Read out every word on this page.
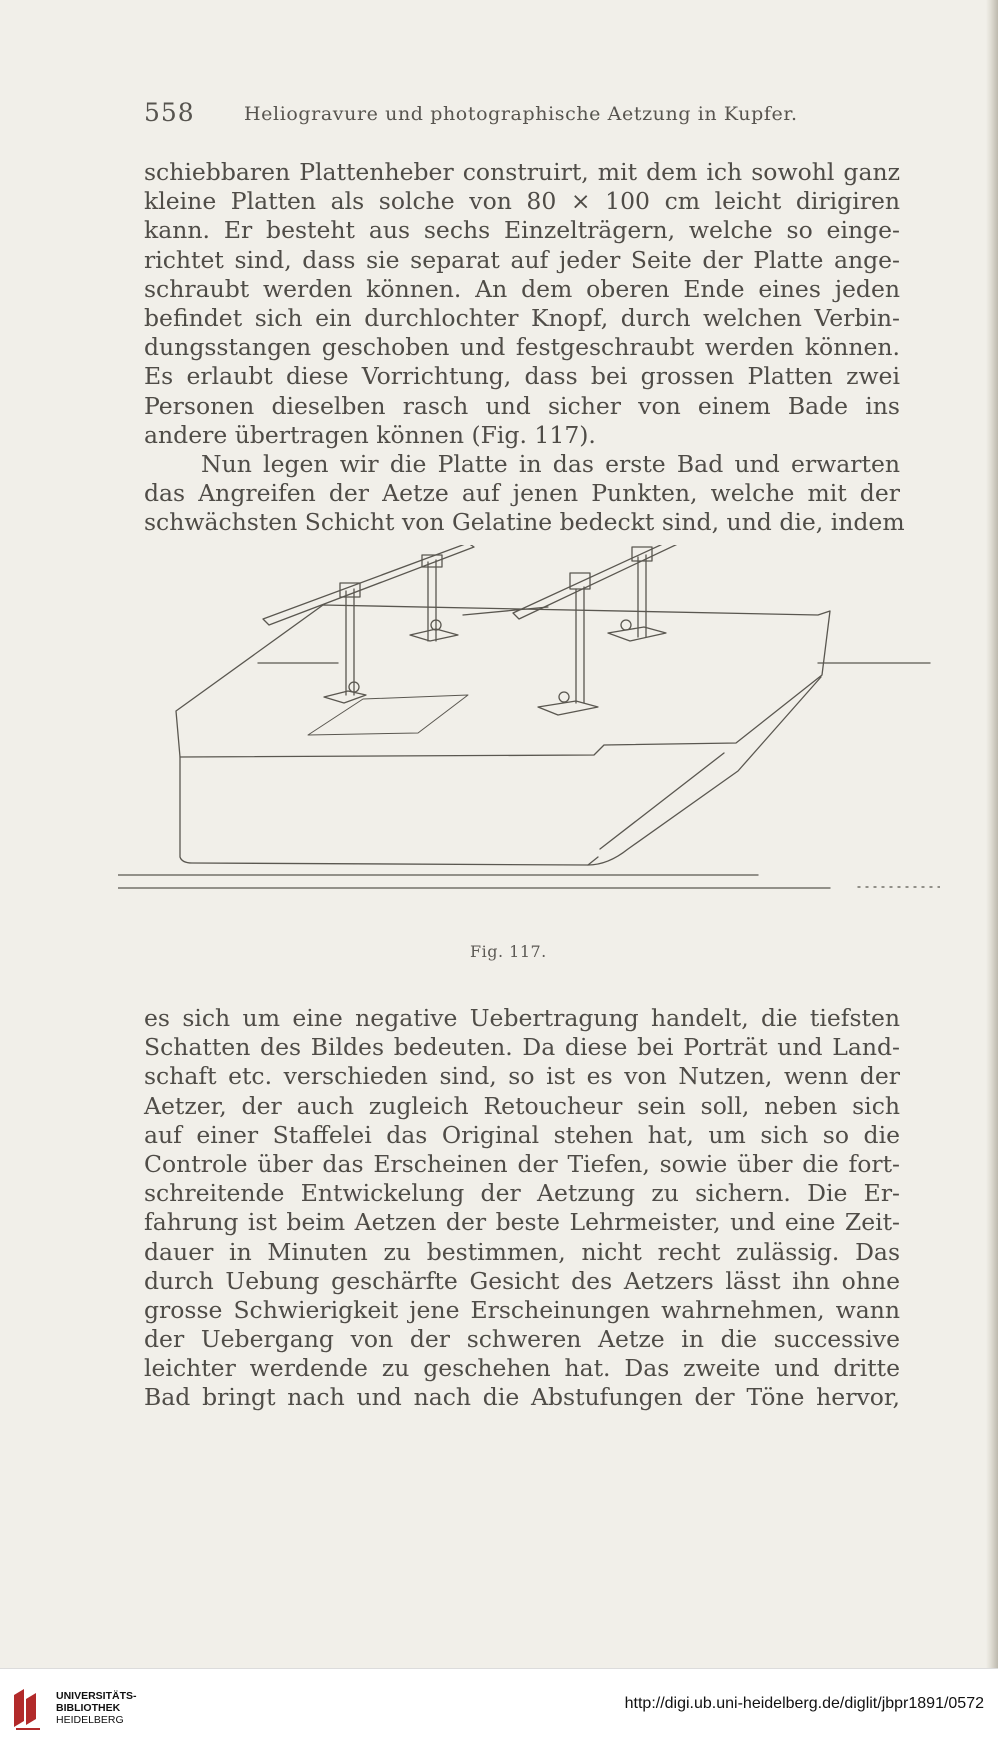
558	Heliogravure und photographische Aetzung in Kupfer.
schiebbaren Plattenheber construirt, mit dem ich sowohl ganz
kleine Platten als solche von 80 × 100 cm leicht dirigiren
kann. Er besteht aus sechs Einzelträgern, welche so einge-
richtet sind, dass sie separat auf jeder Seite der Platte ange-
schraubt werden können. An dem oberen Ende eines jeden
befindet sich ein durchlochter Knopf, durch welchen Verbin-
dungsstangen geschoben und festgeschraubt werden können.
Es erlaubt diese Vorrichtung, dass bei grossen Platten zwei
Personen dieselben rasch und sicher von einem Bade ins
andere übertragen können (Fig. 117).
Nun legen wir die Platte in das erste Bad und erwarten
das Angreifen der Aetze auf jenen Punkten, welche mit der
schwächsten Schicht von Gelatine bedeckt sind, und die, indem
Fig. 117.
es sich um eine negative Uebertragung handelt, die tiefsten
Schatten des Bildes bedeuten. Da diese bei Porträt und Land-
schaft etc. verschieden sind, so ist es von Nutzen, wenn der
Aetzer, der auch zugleich Retoucheur sein soll, neben sich
auf einer Staffelei das Original stehen hat, um sich so die
Controle über das Erscheinen der Tiefen, sowie über die fort-
schreitende Entwickelung der Aetzung zu sichern. Die Er-
fahrung ist beim Aetzen der beste Lehrmeister, und eine Zeit-
dauer in Minuten zu bestimmen, nicht recht zulässig. Das
durch Uebung geschärfte Gesicht des Aetzers lässt ihn ohne
grosse Schwierigkeit jene Erscheinungen wahrnehmen, wann
der Uebergang von der schweren Aetze in die successive
leichter werdende zu geschehen hat. Das zweite und dritte
Bad bringt nach und nach die Abstufungen der Töne hervor,
UNIVERSITÄTS-
BIBLIOTHEK
HEIDELBERG
http://digi.ub.uni-heidelberg.de/diglit/jbpr1891/0572
